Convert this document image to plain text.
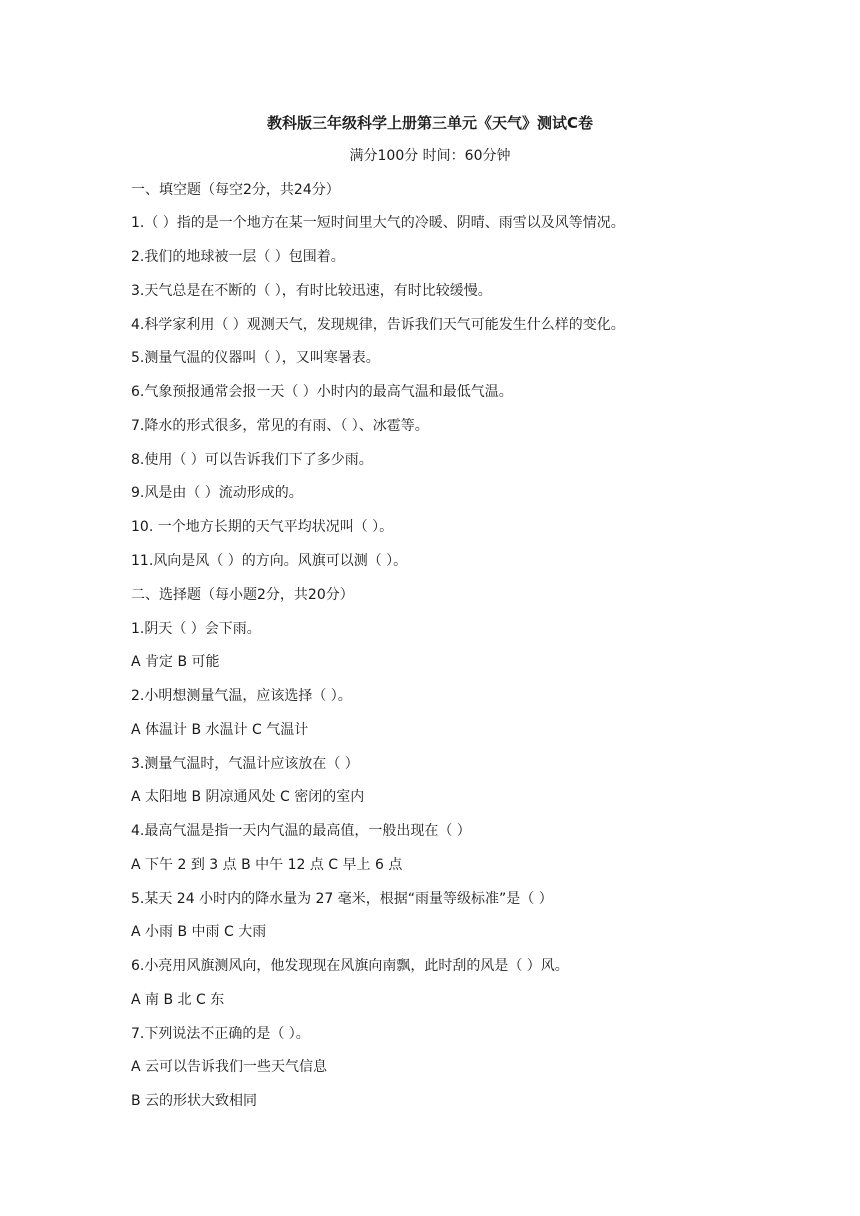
教科版三年级科学上册第三单元《天气》测试C卷
满分100分 时间：60分钟
一、填空题（每空2分，共24分）
1.（ ）指的是一个地方在某一短时间里大气的冷暖、阴晴、雨雪以及风等情况。
2.我们的地球被一层（ ）包围着。
3.天气总是在不断的（ ），有时比较迅速，有时比较缓慢。
4.科学家利用（ ）观测天气，发现规律，告诉我们天气可能发生什么样的变化。
5.测量气温的仪器叫（ ），又叫寒暑表。
6.气象预报通常会报一天（ ）小时内的最高气温和最低气温。
7.降水的形式很多，常见的有雨、（ ）、冰雹等。
8.使用（ ）可以告诉我们下了多少雨。
9.风是由（ ）流动形成的。
10. 一个地方长期的天气平均状况叫（ ）。
11.风向是风（ ）的方向。风旗可以测（ ）。
二、选择题（每小题2分，共20分）
1.阴天（ ）会下雨。
A 肯定 B 可能
2.小明想测量气温，应该选择（ ）。
A 体温计 B 水温计 C 气温计
3.测量气温时，气温计应该放在（ ）
A 太阳地 B 阴凉通风处 C 密闭的室内
4.最高气温是指一天内气温的最高值，一般出现在（ ）
A 下午 2 到 3 点 B 中午 12 点 C 早上 6 点
5.某天 24 小时内的降水量为 27 毫米，根据“雨量等级标准”是（ ）
A 小雨 B 中雨 C 大雨
6.小亮用风旗测风向，他发现现在风旗向南飘，此时刮的风是（ ）风。
A 南 B 北 C 东
7.下列说法不正确的是（ ）。
A 云可以告诉我们一些天气信息
B 云的形状大致相同
